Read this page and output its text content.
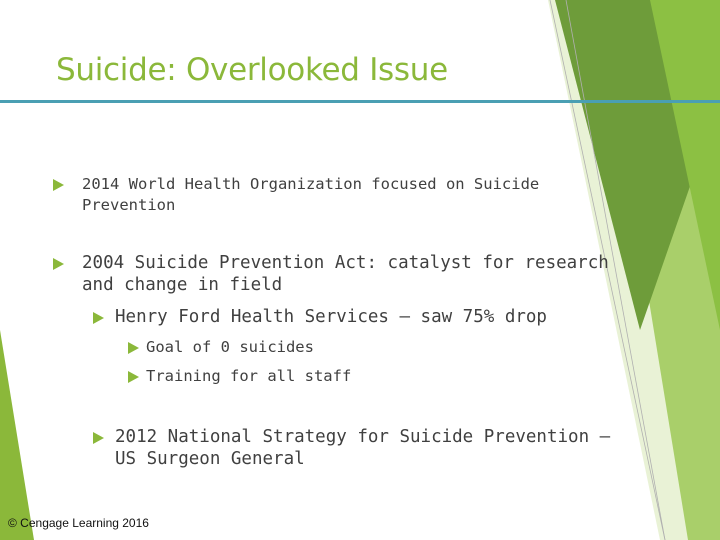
Suicide: Overlooked Issue
2014 World Health Organization focused on Suicide
Prevention
2004 Suicide Prevention Act: catalyst for research
and change in field
Henry Ford Health Services – saw 75% drop
Goal of 0 suicides
Training for all staff
2012 National Strategy for Suicide Prevention –
US Surgeon General
© Cengage Learning 2016
